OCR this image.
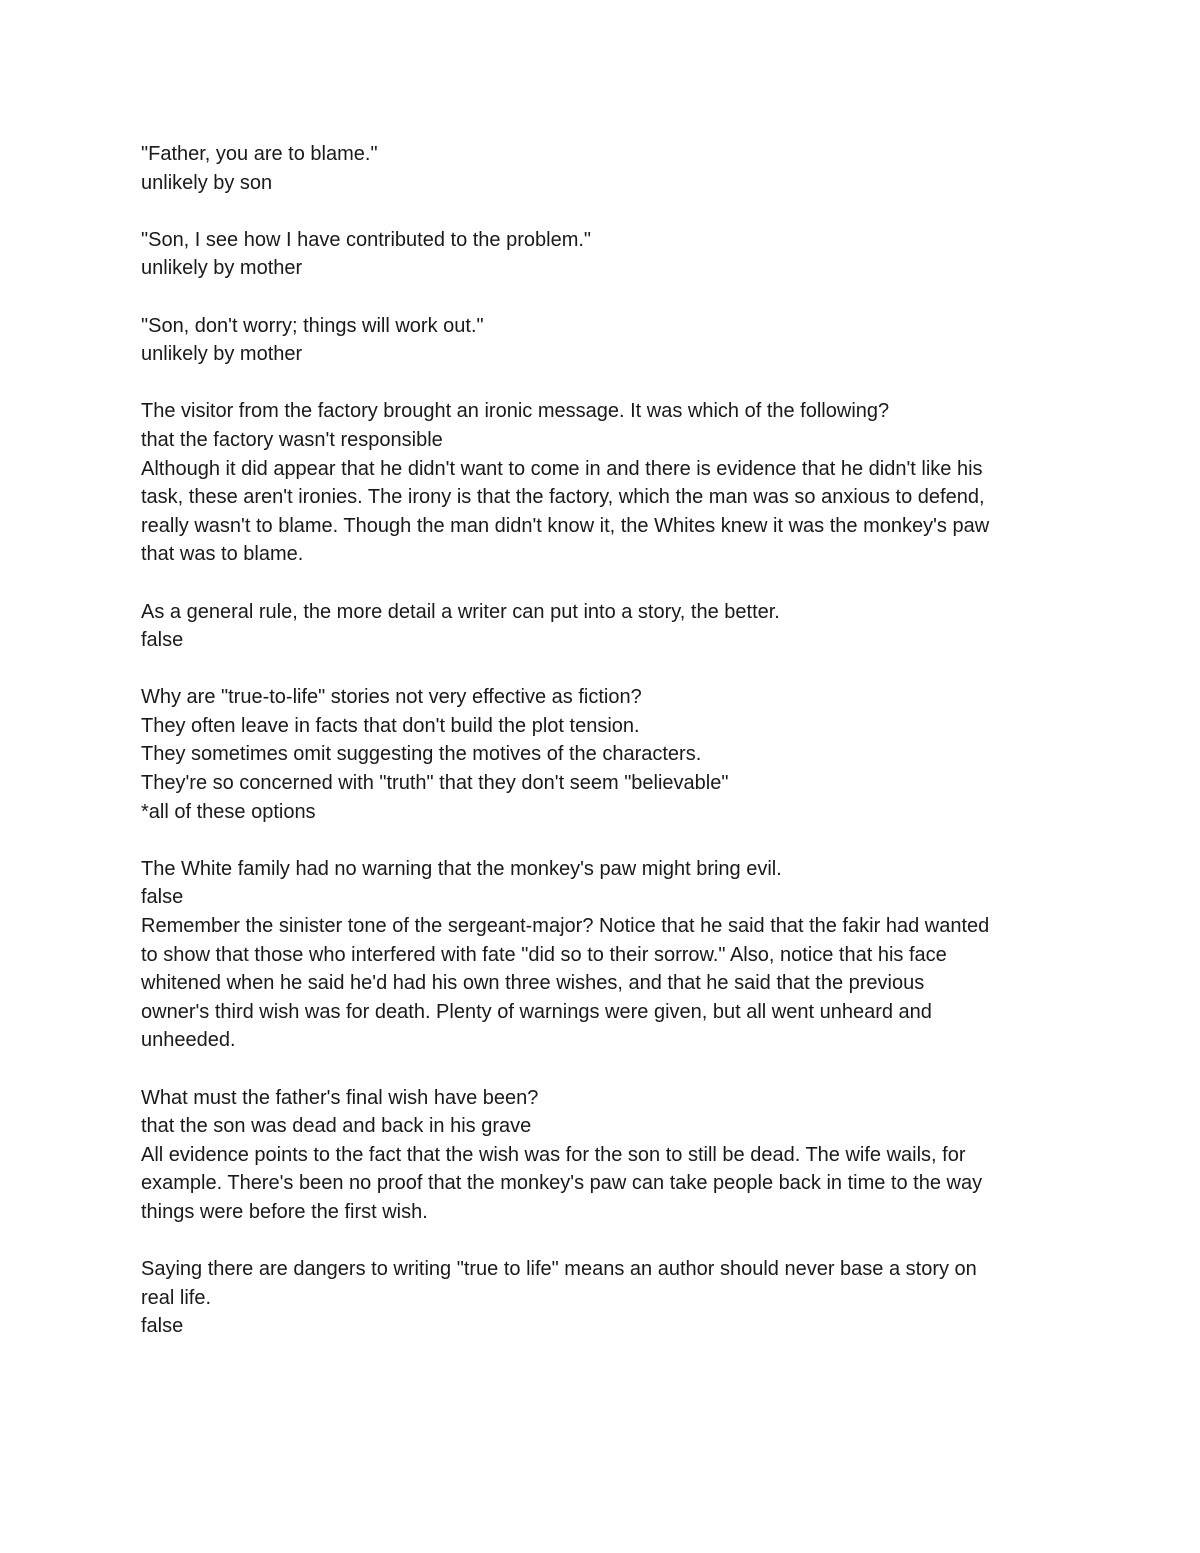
"Father, you are to blame."

unlikely by son

"Son, I see how I have contributed to the problem."

unlikely by mother

"Son, don't worry; things will work out."

unlikely by mother

The visitor from the factory brought an ironic message. It was which of the following?

that the factory wasn't responsible

Although it did appear that he didn't want to come in and there is evidence that he didn't like his

task, these aren't ironies. The irony is that the factory, which the man was so anxious to defend,

really wasn't to blame. Though the man didn't know it, the Whites knew it was the monkey's paw

that was to blame.

As a general rule, the more detail a writer can put into a story, the better.

false

Why are "true-to-life" stories not very effective as fiction?

They often leave in facts that don't build the plot tension.

They sometimes omit suggesting the motives of the characters.

They're so concerned with "truth" that they don't seem "believable"

*all of these options

The White family had no warning that the monkey's paw might bring evil.

false

Remember the sinister tone of the sergeant-major? Notice that he said that the fakir had wanted

to show that those who interfered with fate "did so to their sorrow." Also, notice that his face

whitened when he said he'd had his own three wishes, and that he said that the previous

owner's third wish was for death. Plenty of warnings were given, but all went unheard and

unheeded.

What must the father's final wish have been?

that the son was dead and back in his grave

All evidence points to the fact that the wish was for the son to still be dead. The wife wails, for

example. There's been no proof that the monkey's paw can take people back in time to the way

things were before the first wish.

Saying there are dangers to writing "true to life" means an author should never base a story on

real life.

false
